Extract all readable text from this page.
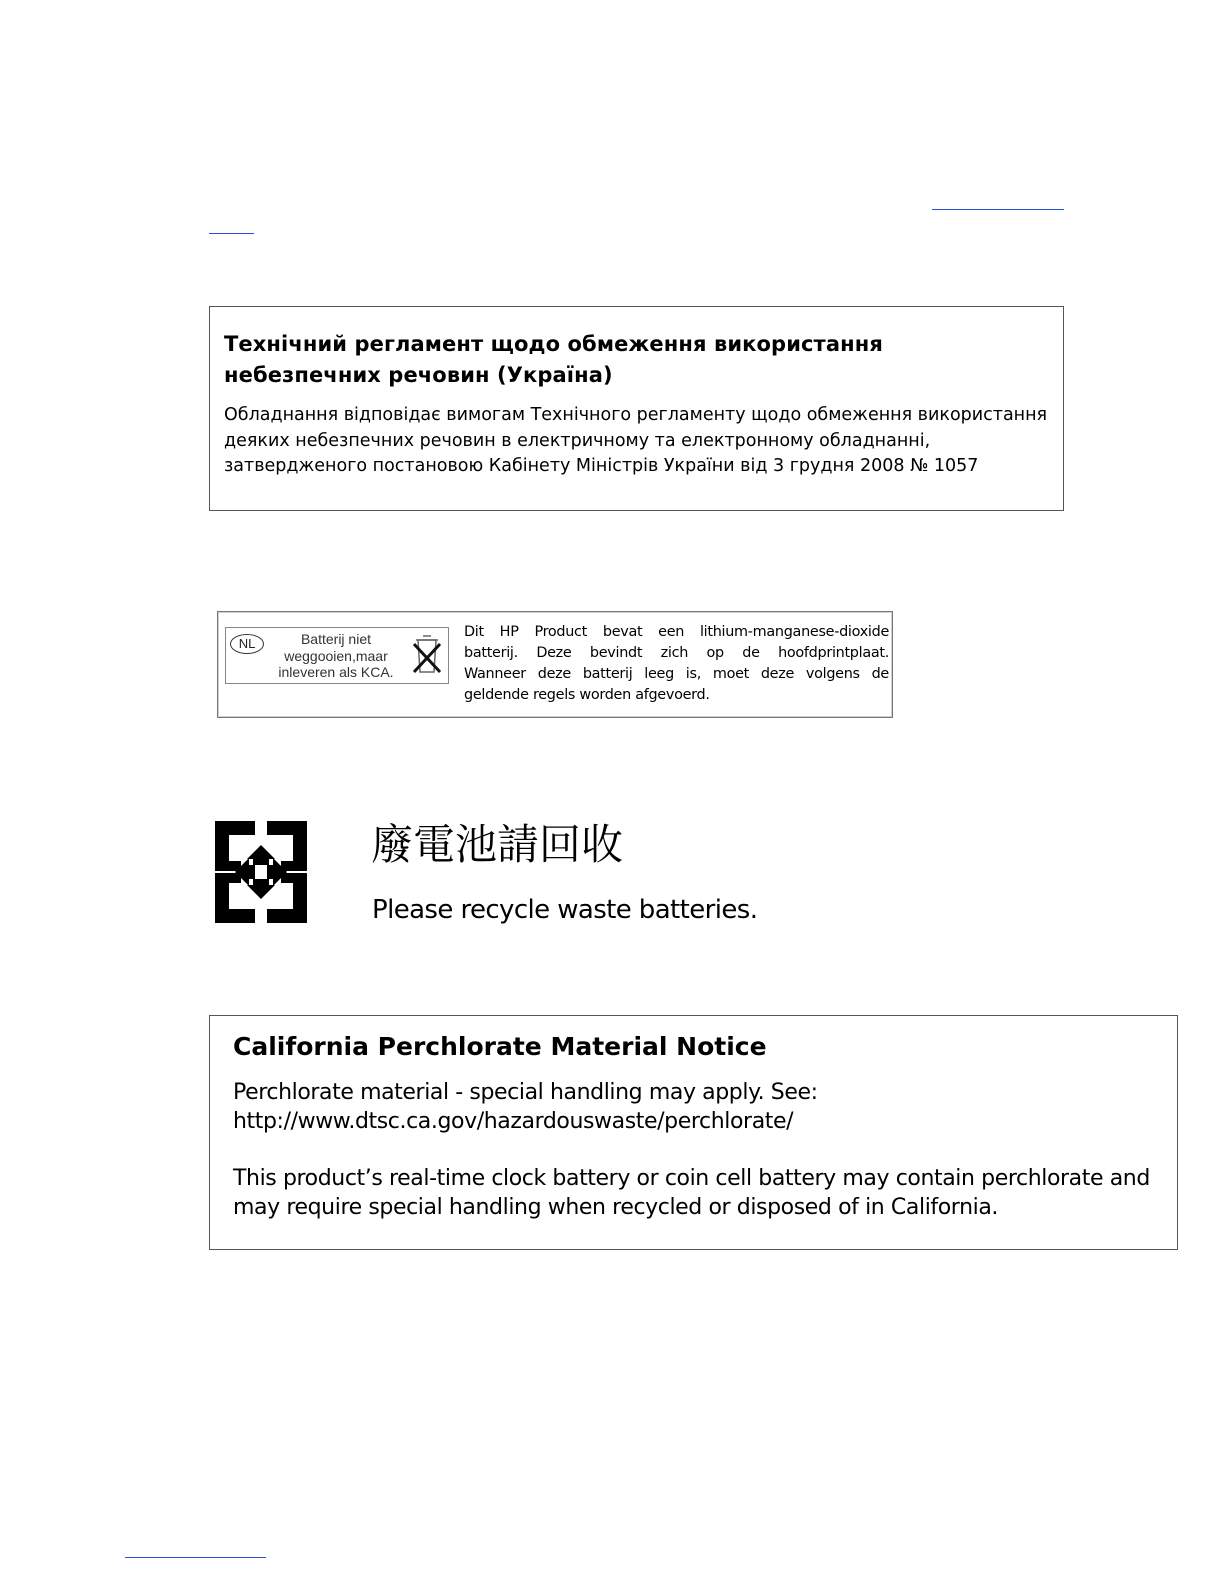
Технічний регламент щодо обмеження використання
небезпечних речовин (Україна)

Обладнання відповідає вимогам Технічного регламенту щодо обмеження використання
деяких небезпечних речовин в електричному та електронному обладнанні,
затвердженого постановою Кабінету Міністрів України від 3 грудня 2008 № 1057

NL	Batterij niet
weggooien,maar
inleveren als KCA.
Dit HP Product bevat een lithium-manganese-dioxide
batterij. Deze bevindt zich op de hoofdprintplaat.
Wanneer deze batterij leeg is, moet deze volgens de
geldende regels worden afgevoerd.
廢電池請回收
Please recycle waste batteries.
California Perchlorate Material Notice

Perchlorate material - special handling may apply. See:
http://www.dtsc.ca.gov/hazardouswaste/perchlorate/

This product’s real-time clock battery or coin cell battery may contain perchlorate and
may require special handling when recycled or disposed of in California.
